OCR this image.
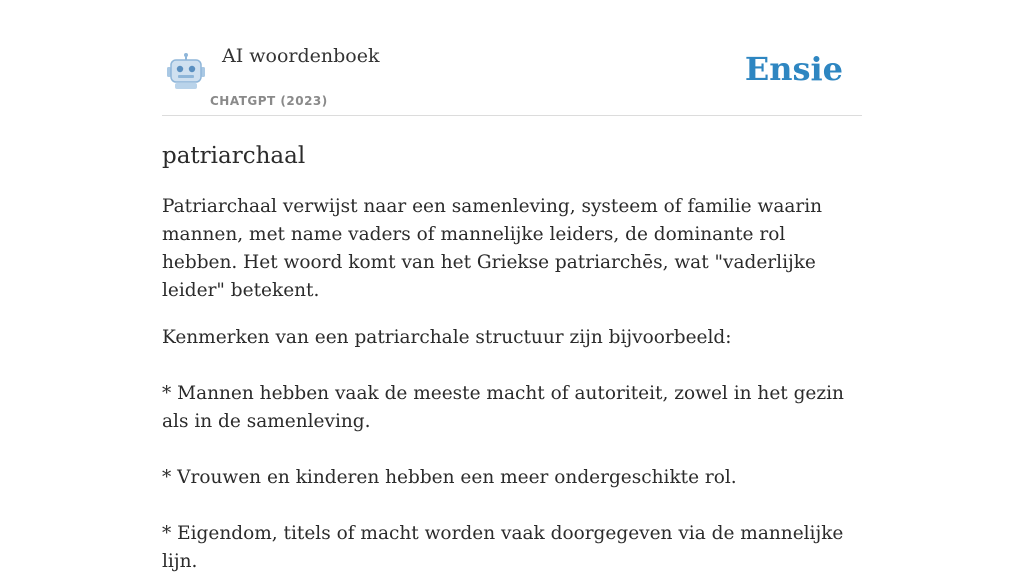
AI woordenboek
CHATGPT (2023)
Ensie
patriarchaal

Patriarchaal verwijst naar een samenleving, systeem of familie waarin mannen, met name vaders of mannelijke leiders, de dominante rol hebben. Het woord komt van het Griekse patriarchēs, wat "vaderlijke leider" betekent.

Kenmerken van een patriarchale structuur zijn bijvoorbeeld:

* Mannen hebben vaak de meeste macht of autoriteit, zowel in het gezin als in de samenleving.

* Vrouwen en kinderen hebben een meer ondergeschikte rol.

* Eigendom, titels of macht worden vaak doorgegeven via de mannelijke lijn.
